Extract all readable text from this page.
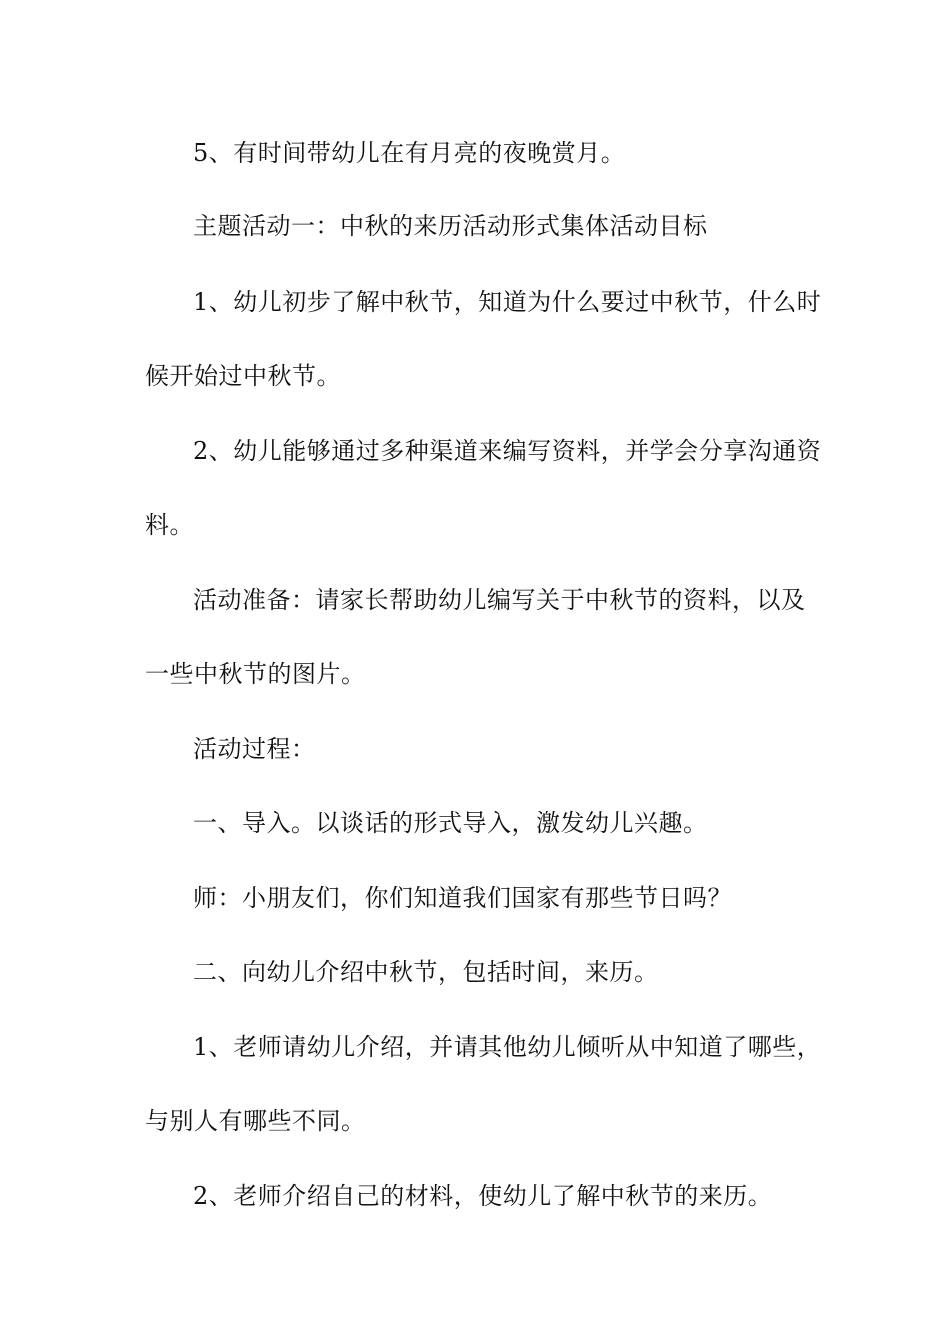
5、有时间带幼儿在有月亮的夜晚赏月。

主题活动一：中秋的来历活动形式集体活动目标

1、幼儿初步了解中秋节，知道为什么要过中秋节，什么时

候开始过中秋节。

2、幼儿能够通过多种渠道来编写资料，并学会分享沟通资

料。

活动准备：请家长帮助幼儿编写关于中秋节的资料，以及

一些中秋节的图片。

活动过程：

一、导入。以谈话的形式导入，激发幼儿兴趣。

师：小朋友们，你们知道我们国家有那些节日吗？

二、向幼儿介绍中秋节，包括时间，来历。

1、老师请幼儿介绍，并请其他幼儿倾听从中知道了哪些，

与别人有哪些不同。

2、老师介绍自己的材料，使幼儿了解中秋节的来历。
